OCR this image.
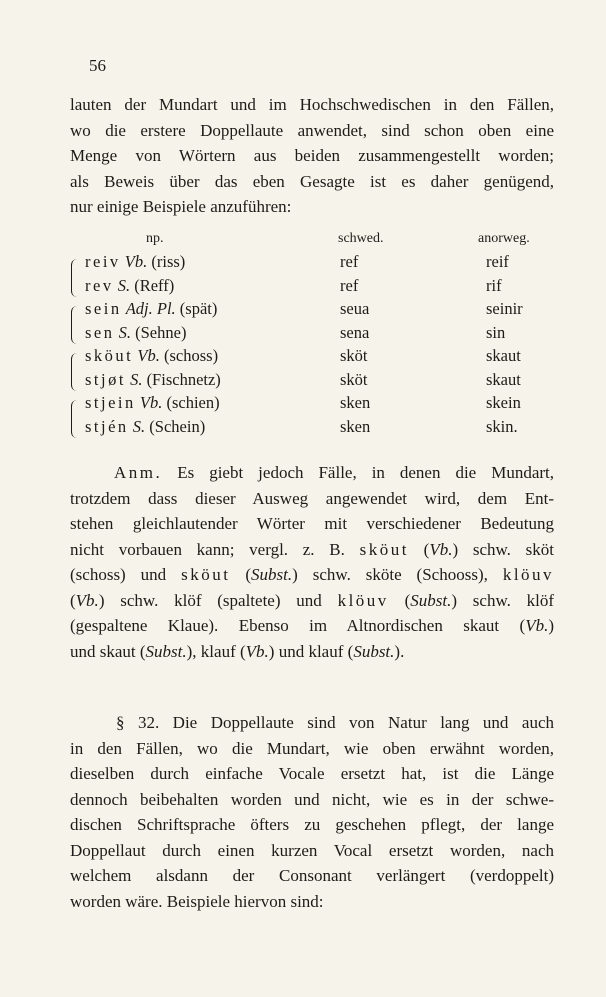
56
lauten der Mundart und im Hochschwedischen in den Fällen,
wo die erstere Doppellaute anwendet, sind schon oben eine
Menge von Wörtern aus beiden zusammengestellt worden;
als Beweis über das eben Gesagte ist es daher genügend,
nur einige Beispiele anzuführen:
np.	schwed.	anorweg.
reiv Vb. (riss)	ref	reif
rev S. (Reff)	ref	rif
sein Adj. Pl. (spät)	seua	seinir
sen S. (Sehne)	sena	sin
sköut Vb. (schoss)	sköt	skaut
stjøt S. (Fischnetz)	sköt	skaut
stjein Vb. (schien)	sken	skein
stjén S. (Schein)	sken	skin.
Anm. Es giebt jedoch Fälle, in denen die Mundart,
trotzdem dass dieser Ausweg angewendet wird, dem Ent-
stehen gleichlautender Wörter mit verschiedener Bedeutung
nicht vorbauen kann; vergl. z. B. sköut (Vb.) schw. sköt
(schoss) und sköut (Subst.) schw. sköte (Schooss), klöuv
(Vb.) schw. klöf (spaltete) und klöuv (Subst.) schw. klöf
(gespaltene Klaue). Ebenso im Altnordischen skaut (Vb.)
und skaut (Subst.), klauf (Vb.) und klauf (Subst.).
§ 32. Die Doppellaute sind von Natur lang und auch
in den Fällen, wo die Mundart, wie oben erwähnt worden,
dieselben durch einfache Vocale ersetzt hat, ist die Länge
dennoch beibehalten worden und nicht, wie es in der schwe-
dischen Schriftsprache öfters zu geschehen pflegt, der lange
Doppellaut durch einen kurzen Vocal ersetzt worden, nach
welchem alsdann der Consonant verlängert (verdoppelt)
worden wäre. Beispiele hiervon sind:
